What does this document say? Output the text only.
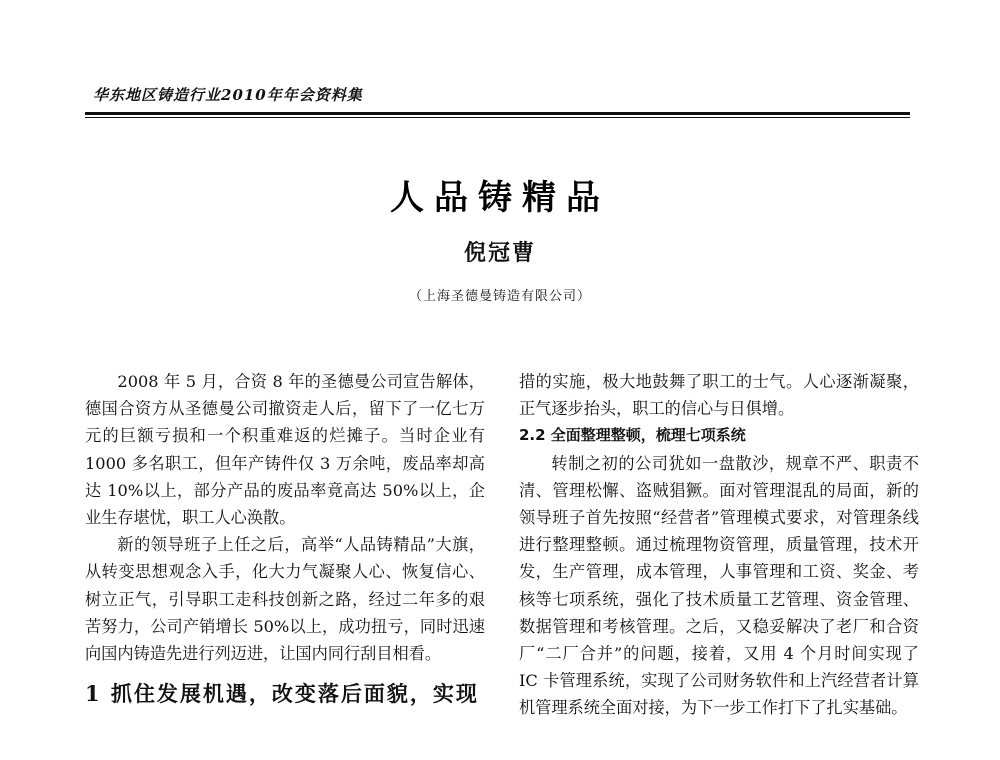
华东地区铸造行业2010年年会资料集
人品铸精品
倪冠曹
（上海圣德曼铸造有限公司）

2008 年 5 月，合资 8 年的圣德曼公司宣告解体，德国合资方从圣德曼公司撤资走人后，留下了一亿七万元的巨额亏损和一个积重难返的烂摊子。当时企业有 1000 多名职工，但年产铸件仅 3 万余吨，废品率却高达 10%以上，部分产品的废品率竟高达 50%以上，企业生存堪忧，职工人心涣散。

新的领导班子上任之后，高举“人品铸精品”大旗，从转变思想观念入手，化大力气凝聚人心、恢复信心、树立正气，引导职工走科技创新之路，经过二年多的艰苦努力，公司产销增长 50%以上，成功扭亏，同时迅速向国内铸造先进行列迈进，让国内同行刮目相看。

1 抓住发展机遇，改变落后面貌，实现

措的实施，极大地鼓舞了职工的士气。人心逐渐凝聚，正气逐步抬头，职工的信心与日俱增。

2.2 全面整理整顿，梳理七项系统

转制之初的公司犹如一盘散沙，规章不严、职责不清、管理松懈、盗贼猖獗。面对管理混乱的局面，新的领导班子首先按照“经营者”管理模式要求，对管理条线进行整理整顿。通过梳理物资管理，质量管理，技术开发，生产管理，成本管理，人事管理和工资、奖金、考核等七项系统，强化了技术质量工艺管理、资金管理、数据管理和考核管理。之后，又稳妥解决了老厂和合资厂“二厂合并”的问题，接着，又用 4 个月时间实现了 IC 卡管理系统，实现了公司财务软件和上汽经营者计算机管理系统全面对接，为下一步工作打下了扎实基础。
